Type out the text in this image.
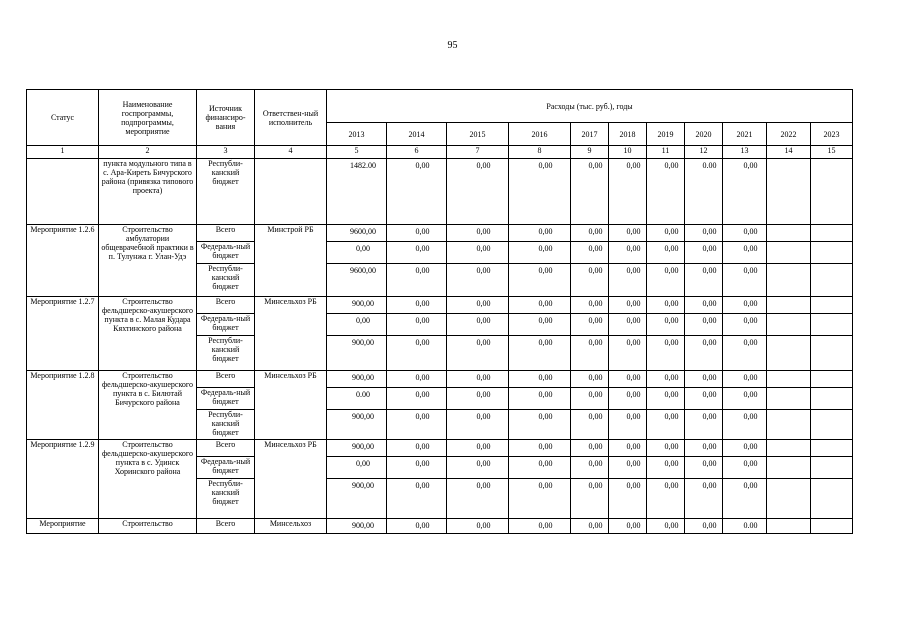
95
Статус	Наименование госпрограммы, подпрограммы, мероприятие	Источник финансиро-вания	Ответствен-ный исполнитель	Расходы (тыс. руб.), годы										
				2013	2014	2015	2016	2017	2018	2019	2020	2021	2022	2023
1	2	3	4	5	6	7	8	9	10	11	12	13	14	15
	пункта модульного типа в с. Ара-Киреть Бичурского района (привязка типового проекта)	Республи-канский бюджет		1482.00	0,00	0,00	0,00	0,00	0,00	0,00	0.00	0,00		
Мероприятие 1.2.6	Строительство амбулатории общеврачебной практики в п. Тулунжа г. Улан-Удэ	Всего	Минстрой РБ	9600,00	0,00	0,00	0,00	0,00	0,00	0,00	0,00	0,00		
		Федераль-ный бюджет		0,00	0,00	0,00	0,00	0,00	0,00	0,00	0,00	0,00		
		Республи-канский бюджет		9600,00	0,00	0,00	0,00	0,00	0,00	0,00	0,00	0,00		
Мероприятие 1.2.7	Строительство фельдшерско-акушерского пункта в с. Малая Кудара Кяхтинского района	Всего	Минсельхоз РБ	900,00	0,00	0,00	0,00	0,00	0,00	0,00	0,00	0,00		
		Федераль-ный бюджет		0,00	0,00	0,00	0,00	0,00	0,00	0,00	0,00	0,00		
		Республи-канский бюджет		900,00	0,00	0,00	0,00	0,00	0,00	0,00	0,00	0,00		
Мероприятие 1.2.8	Строительство фельдшерско-акушерского пункта в с. Билютай Бичурского района	Всего	Минсельхоз РБ	900,00	0,00	0,00	0,00	0,00	0,00	0,00	0,00	0,00		
		Федераль-ный бюджет		0.00	0,00	0,00	0,00	0,00	0,00	0,00	0,00	0,00		
		Республи-канский бюджет		900,00	0,00	0,00	0,00	0,00	0,00	0,00	0,00	0,00		
Мероприятие 1.2.9	Строительство фельдшерско-акушерского пункта в с. Удинск Хоринского района	Всего	Минсельхоз РБ	900,00	0,00	0,00	0,00	0,00	0,00	0,00	0,00	0,00		
		Федераль-ный бюджет		0,00	0,00	0,00	0,00	0,00	0,00	0,00	0,00	0,00		
		Республи-канский бюджет		900,00	0,00	0,00	0,00	0,00	0,00	0,00	0,00	0,00		
Мероприятие	Строительство	Всего	Минсельхоз	900,00	0,00	0,00	0,00	0,00	0,00	0,00	0,00	0.00		
